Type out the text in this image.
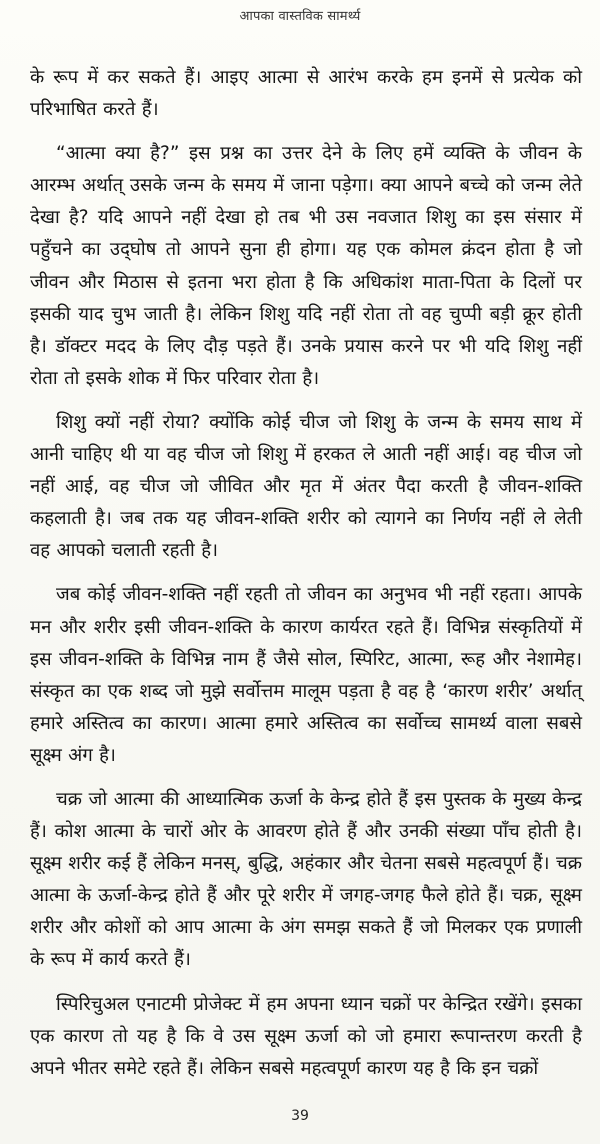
आपका वास्तविक सामर्थ्य

के रूप में कर सकते हैं। आइए आत्मा से आरंभ करके हम इनमें से प्रत्येक को परिभाषित करते हैं।

“आत्मा क्या है?” इस प्रश्न का उत्तर देने के लिए हमें व्यक्ति के जीवन के आरम्भ अर्थात् उसके जन्म के समय में जाना पड़ेगा। क्या आपने बच्चे को जन्म लेते देखा है? यदि आपने नहीं देखा हो तब भी उस नवजात शिशु का इस संसार में पहुँचने का उद्‌घोष तो आपने सुना ही होगा। यह एक कोमल क्रंदन होता है जो जीवन और मिठास से इतना भरा होता है कि अधिकांश माता-पिता के दिलों पर इसकी याद चुभ जाती है। लेकिन शिशु यदि नहीं रोता तो वह चुप्पी बड़ी क्रूर होती है। डॉक्टर मदद के लिए दौड़ पड़ते हैं। उनके प्रयास करने पर भी यदि शिशु नहीं रोता तो इसके शोक में फिर परिवार रोता है।

शिशु क्यों नहीं रोया? क्योंकि कोई चीज जो शिशु के जन्म के समय साथ में आनी चाहिए थी या वह चीज जो शिशु में हरकत ले आती नहीं आई। वह चीज जो नहीं आई, वह चीज जो जीवित और मृत में अंतर पैदा करती है जीवन-शक्ति कहलाती है। जब तक यह जीवन-शक्ति शरीर को त्यागने का निर्णय नहीं ले लेती वह आपको चलाती रहती है।

जब कोई जीवन-शक्ति नहीं रहती तो जीवन का अनुभव भी नहीं रहता। आपके मन और शरीर इसी जीवन-शक्ति के कारण कार्यरत रहते हैं। विभिन्न संस्कृतियों में इस जीवन-शक्ति के विभिन्न नाम हैं जैसे सोल, स्पिरिट, आत्मा, रूह और नेशामेह। संस्कृत का एक शब्द जो मुझे सर्वोत्तम मालूम पड़ता है वह है ‘कारण शरीर’ अर्थात् हमारे अस्तित्व का कारण। आत्मा हमारे अस्तित्व का सर्वोच्च सामर्थ्य वाला सबसे सूक्ष्म अंग है।

चक्र जो आत्मा की आध्यात्मिक ऊर्जा के केन्द्र होते हैं इस पुस्तक के मुख्य केन्द्र हैं। कोश आत्मा के चारों ओर के आवरण होते हैं और उनकी संख्या पाँच होती है। सूक्ष्म शरीर कई हैं लेकिन मनस्, बुद्धि, अहंकार और चेतना सबसे महत्वपूर्ण हैं। चक्र आत्मा के ऊर्जा-केन्द्र होते हैं और पूरे शरीर में जगह-जगह फैले होते हैं। चक्र, सूक्ष्म शरीर और कोशों को आप आत्मा के अंग समझ सकते हैं जो मिलकर एक प्रणाली के रूप में कार्य करते हैं।

स्पिरिचुअल एनाटमी प्रोजेक्ट में हम अपना ध्यान चक्रों पर केन्द्रित रखेंगे। इसका एक कारण तो यह है कि वे उस सूक्ष्म ऊर्जा को जो हमारा रूपान्तरण करती है अपने भीतर समेटे रहते हैं। लेकिन सबसे महत्वपूर्ण कारण यह है कि इन चक्रों

39
